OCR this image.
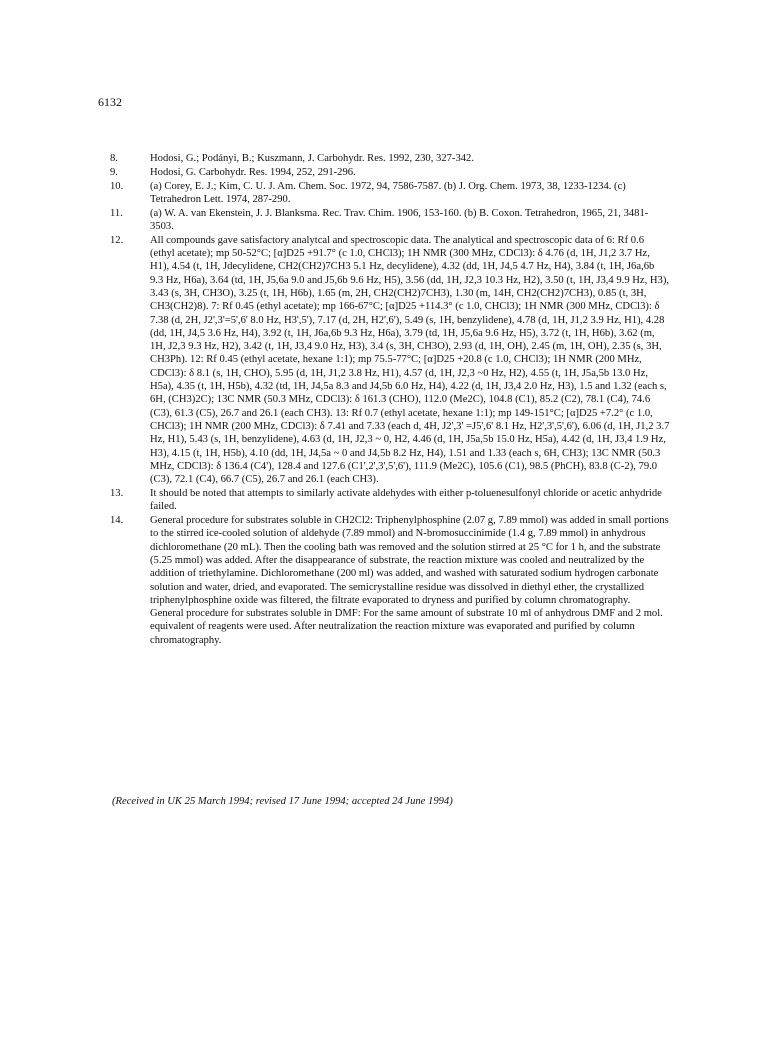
6132
8.	Hodosi, G.; Podányi, B.; Kuszmann, J. Carbohydr. Res. 1992, 230, 327-342.

9.	Hodosi, G. Carbohydr. Res. 1994, 252, 291-296.

10.	(a) Corey, E. J.; Kim, C. U. J. Am. Chem. Soc. 1972, 94, 7586-7587. (b) J. Org. Chem. 1973, 38, 1233-1234. (c) Tetrahedron Lett. 1974, 287-290.

11.	(a) W. A. van Ekenstein, J. J. Blanksma. Rec. Trav. Chim. 1906, 153-160. (b) B. Coxon. Tetrahedron, 1965, 21, 3481-3503.

12.	All compounds gave satisfactory analytcal and spectroscopic data. The analytical and spectroscopic data of 6: Rf 0.6 (ethyl acetate); mp 50-52°C; [α]D25 +91.7° (c 1.0, CHCl3); 1H NMR (300 MHz, CDCl3): δ 4.76 (d, 1H, J1,2 3.7 Hz, H1), 4.54 (t, 1H, Jdecylidene, CH2(CH2)7CH3 5.1 Hz, decylidene), 4.32 (dd, 1H, J4,5 4.7 Hz, H4), 3.84 (t, 1H, J6a,6b 9.3 Hz, H6a), 3.64 (td, 1H, J5,6a 9.0 and J5,6b 9.6 Hz, H5), 3.56 (dd, 1H, J2,3 10.3 Hz, H2), 3.50 (t, 1H, J3,4 9.9 Hz, H3), 3.43 (s, 3H, CH3O), 3.25 (t, 1H, H6b), 1.65 (m, 2H, CH2(CH2)7CH3), 1.30 (m, 14H, CH2(CH2)7CH3), 0.85 (t, 3H, CH3(CH2)8). 7: Rf 0.45 (ethyl acetate); mp 166-67°C; [α]D25 +114.3° (c 1.0, CHCl3); 1H NMR (300 MHz, CDCl3): δ 7.38 (d, 2H, J2',3'=5',6' 8.0 Hz, H3',5'), 7.17 (d, 2H, H2',6'), 5.49 (s, 1H, benzylidene), 4.78 (d, 1H, J1,2 3.9 Hz, H1), 4.28 (dd, 1H, J4,5 3.6 Hz, H4), 3.92 (t, 1H, J6a,6b 9.3 Hz, H6a), 3.79 (td, 1H, J5,6a 9.6 Hz, H5), 3.72 (t, 1H, H6b), 3.62 (m, 1H, J2,3 9.3 Hz, H2), 3.42 (t, 1H, J3,4 9.0 Hz, H3), 3.4 (s, 3H, CH3O), 2.93 (d, 1H, OH), 2.45 (m, 1H, OH), 2.35 (s, 3H, CH3Ph). 12: Rf 0.45 (ethyl acetate, hexane 1:1); mp 75.5-77°C; [α]D25 +20.8 (c 1.0, CHCl3); 1H NMR (200 MHz, CDCl3): δ 8.1 (s, 1H, CHO), 5.95 (d, 1H, J1,2 3.8 Hz, H1), 4.57 (d, 1H, J2,3 ~0 Hz, H2), 4.55 (t, 1H, J5a,5b 13.0 Hz, H5a), 4.35 (t, 1H, H5b), 4.32 (td, 1H, J4,5a 8.3 and J4,5b 6.0 Hz, H4), 4.22 (d, 1H, J3,4 2.0 Hz, H3), 1.5 and 1.32 (each s, 6H, (CH3)2C); 13C NMR (50.3 MHz, CDCl3): δ 161.3 (CHO), 112.0 (Me2C), 104.8 (C1), 85.2 (C2), 78.1 (C4), 74.6 (C3), 61.3 (C5), 26.7 and 26.1 (each CH3). 13: Rf 0.7 (ethyl acetate, hexane 1:1); mp 149-151°C; [α]D25 +7.2° (c 1.0, CHCl3); 1H NMR (200 MHz, CDCl3): δ 7.41 and 7.33 (each d, 4H, J2',3' =J5',6' 8.1 Hz, H2',3',5',6'), 6.06 (d, 1H, J1,2 3.7 Hz, H1), 5.43 (s, 1H, benzylidene), 4.63 (d, 1H, J2,3 ~ 0, H2, 4.46 (d, 1H, J5a,5b 15.0 Hz, H5a), 4.42 (d, 1H, J3,4 1.9 Hz, H3), 4.15 (t, 1H, H5b), 4.10 (dd, 1H, J4,5a ~ 0 and J4,5b 8.2 Hz, H4), 1.51 and 1.33 (each s, 6H, CH3); 13C NMR (50.3 MHz, CDCl3): δ 136.4 (C4'), 128.4 and 127.6 (C1',2',3',5',6'), 111.9 (Me2C), 105.6 (C1), 98.5 (PhCH), 83.8 (C-2), 79.0 (C3), 72.1 (C4), 66.7 (C5), 26.7 and 26.1 (each CH3).

13.	It should be noted that attempts to similarly activate aldehydes with either p-toluenesulfonyl chloride or acetic anhydride failed.

14.	General procedure for substrates soluble in CH2Cl2: Triphenylphosphine (2.07 g, 7.89 mmol) was added in small portions to the stirred ice-cooled solution of aldehyde (7.89 mmol) and N-bromosuccinimide (1.4 g, 7.89 mmol) in anhydrous dichloromethane (20 mL). Then the cooling bath was removed and the solution stirred at 25 °C for 1 h, and the substrate (5.25 mmol) was added. After the disappearance of substrate, the reaction mixture was cooled and neutralized by the addition of triethylamine. Dichloromethane (200 ml) was added, and washed with saturated sodium hydrogen carbonate solution and water, dried, and evaporated. The semicrystalline residue was dissolved in diethyl ether, the crystallized triphenylphosphine oxide was filtered, the filtrate evaporated to dryness and purified by column chromatography.

General procedure for substrates soluble in DMF: For the same amount of substrate 10 ml of anhydrous DMF and 2 mol. equivalent of reagents were used. After neutralization the reaction mixture was evaporated and purified by column chromatography.

(Received in UK 25 March 1994; revised 17 June 1994; accepted 24 June 1994)
